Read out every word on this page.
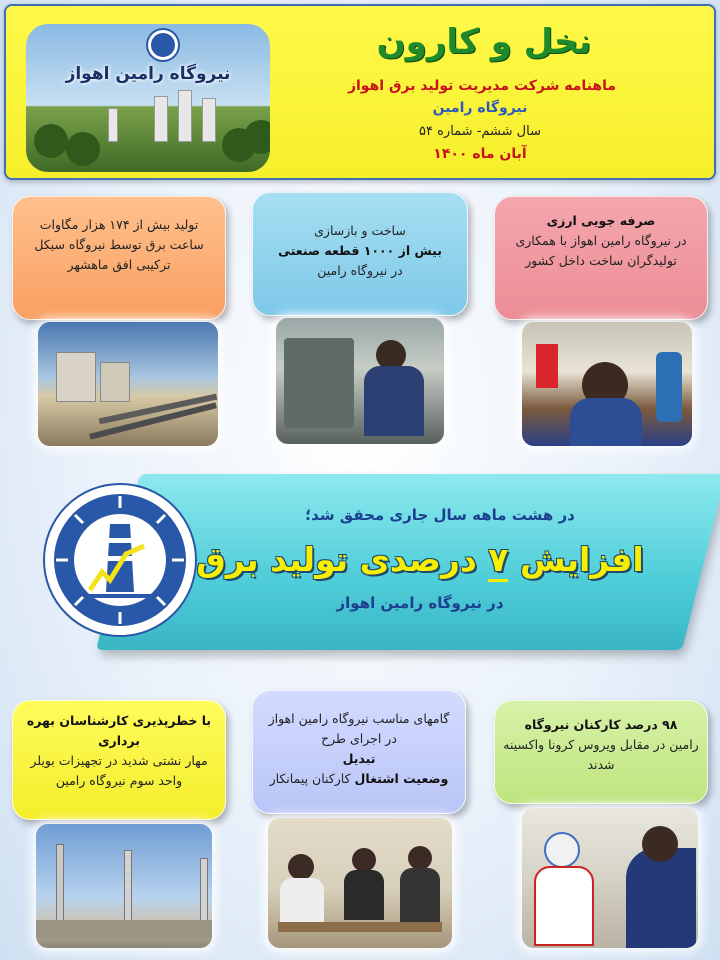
نیروگاه رامین اهواز
نخل و کارون
ماهنامه شرکت مدیریت تولید برق اهواز
نیروگاه رامین
سال ششم- شماره ۵۴
آبان ماه ۱۴۰۰
صرفه جویی ارزی
در نیروگاه رامین اهواز با همکاری تولیدگران ساخت داخل کشور
ساخت و بازسازی
بیش از ۱۰۰۰ قطعه صنعتی
در نیروگاه رامین
تولید بیش از ۱۷۴ هزار مگاوات ساعت برق توسط نیروگاه سیکل ترکیبی افق ماهشهر
در هشت ماهه سال جاری محقق شد؛
افزایش ۷ درصدی تولید برق
در نیروگاه رامین اهواز
۹۸ درصد کارکنان نیروگاه
رامین در مقابل ویروس کرونا واکسینه شدند
گامهای مناسب نیروگاه رامین اهواز در اجرای طرح
تبدیل
وضعیت اشتغال کارکنان پیمانکار
با خطرپذیری کارشناسان بهره برداری
مهار نشتی شدید در تجهیزات بویلر واحد سوم نیروگاه رامین
